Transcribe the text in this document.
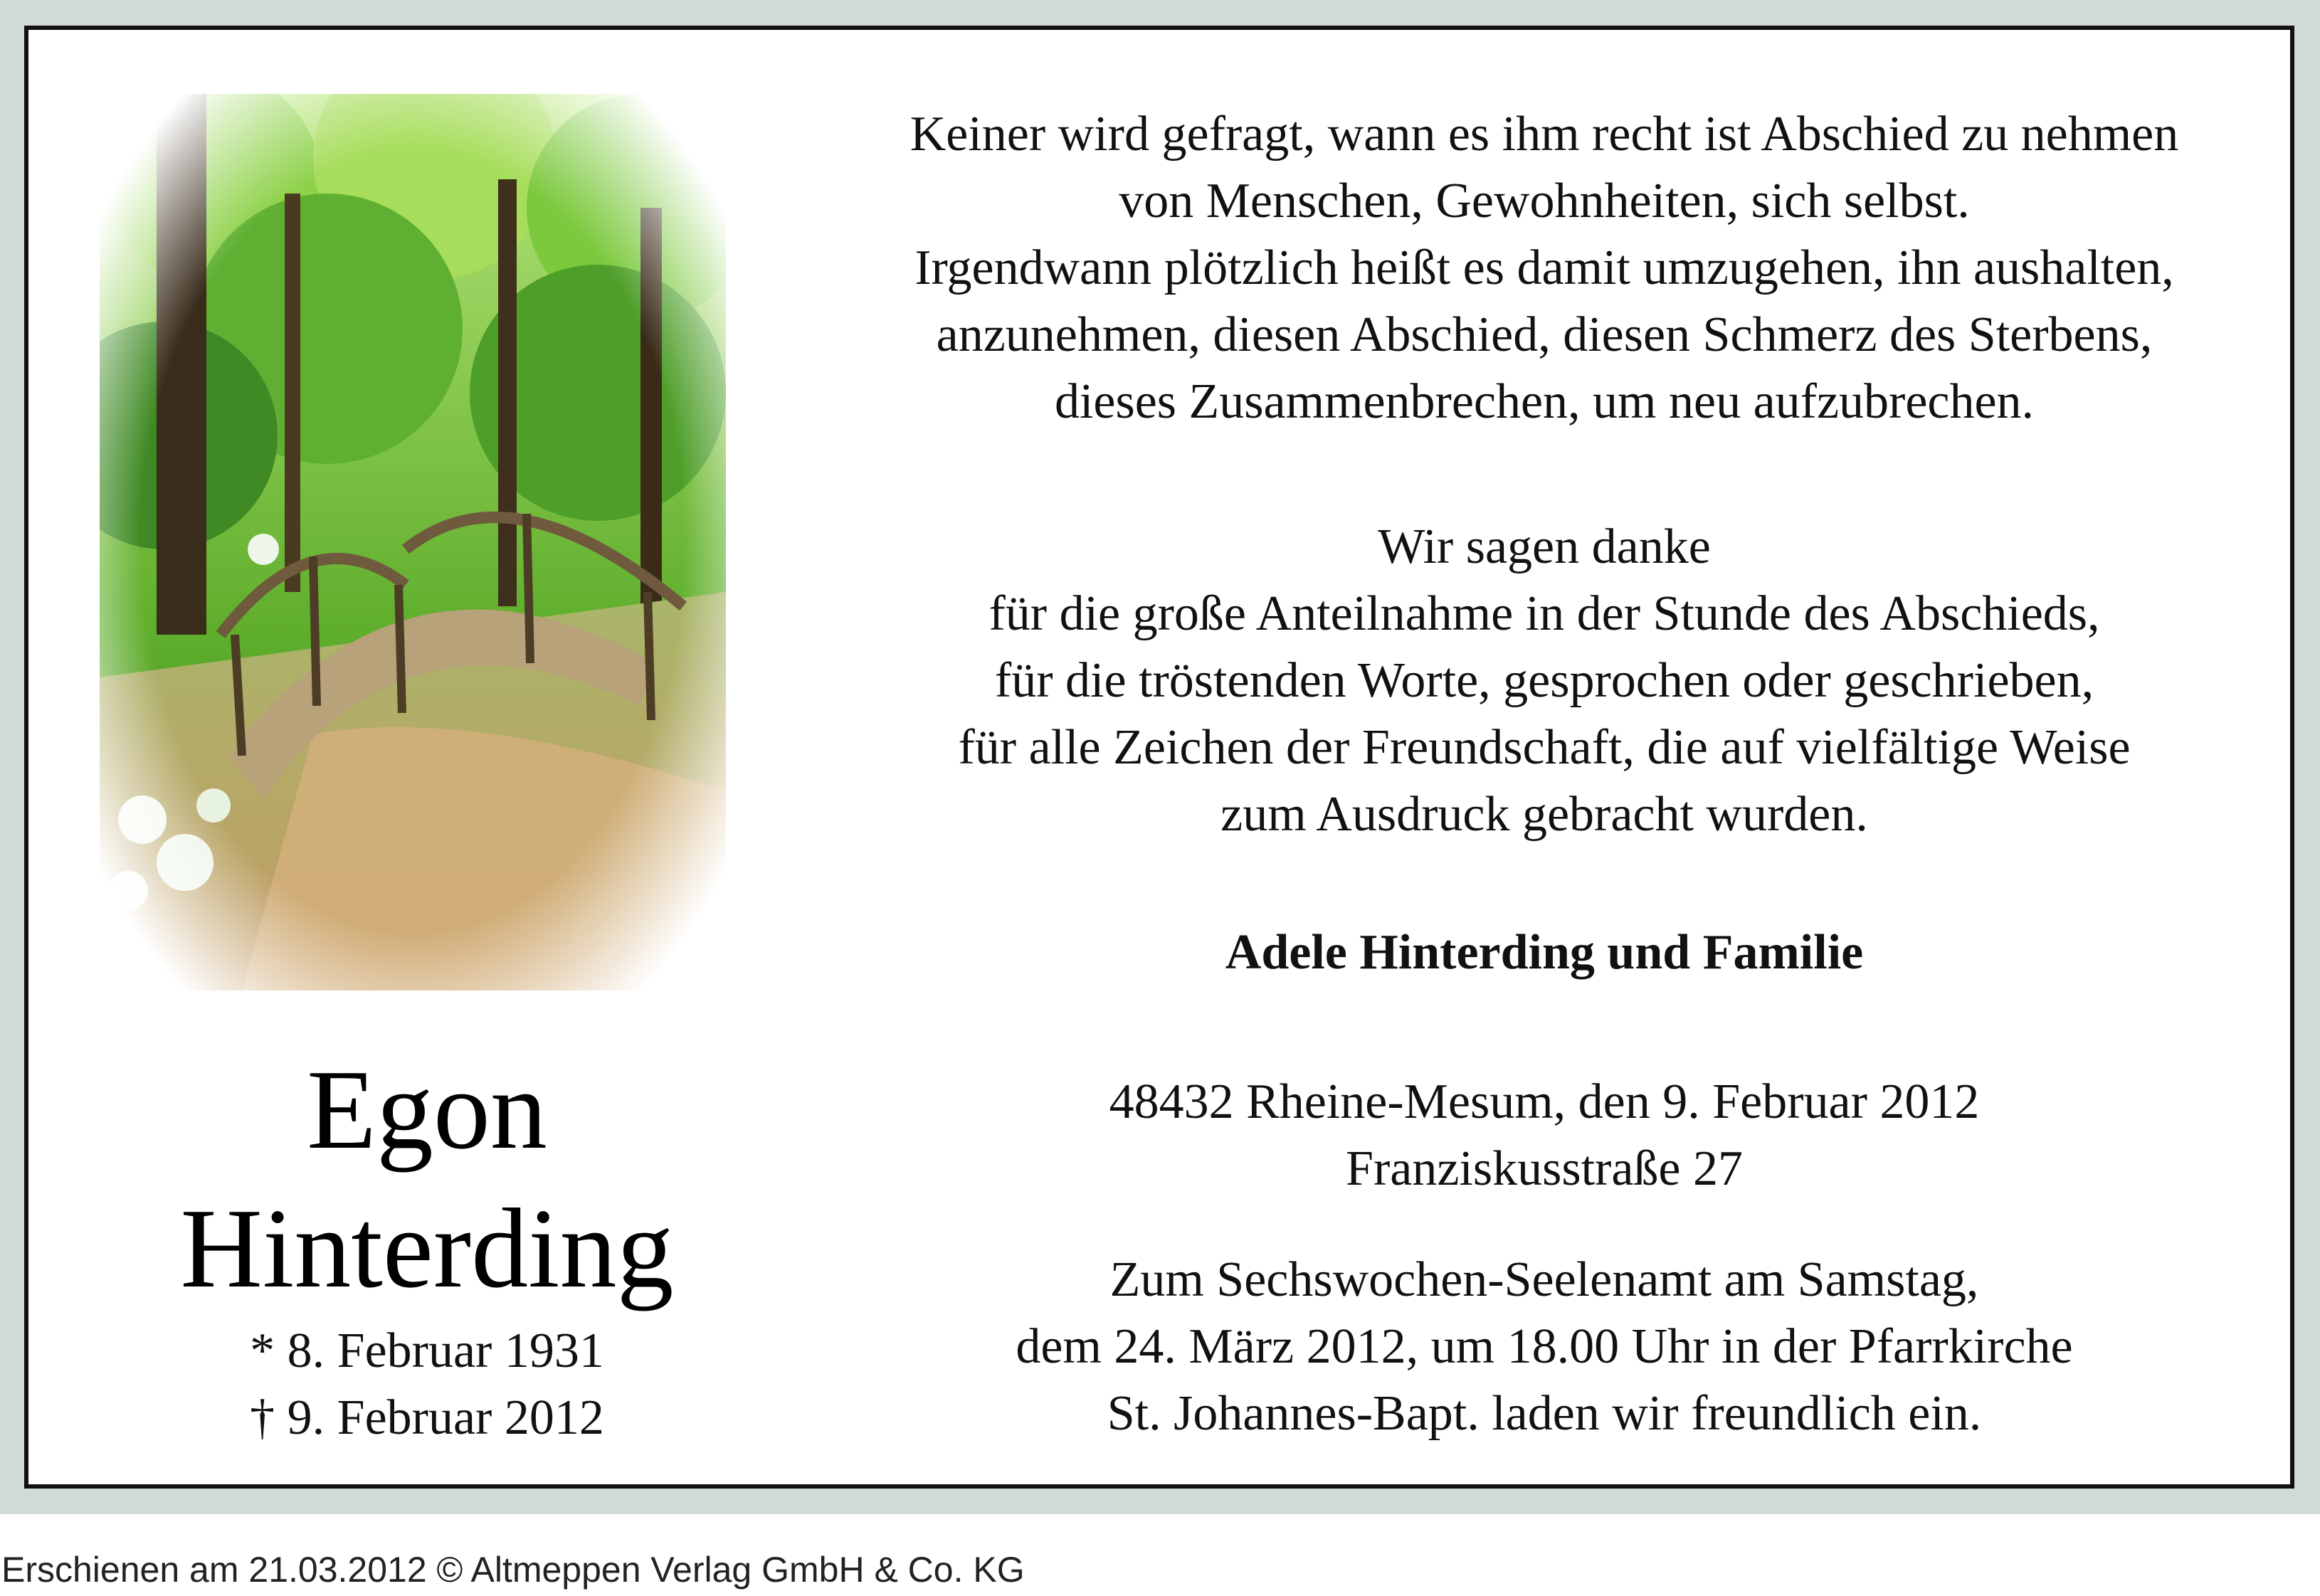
Egon
Hinterding
* 8. Februar 1931
† 9. Februar 2012
Keiner wird gefragt, wann es ihm recht ist Abschied zu nehmen
von Menschen, Gewohnheiten, sich selbst.
Irgendwann plötzlich heißt es damit umzugehen, ihn aushalten,
anzunehmen, diesen Abschied, diesen Schmerz des Sterbens,
dieses Zusammenbrechen, um neu aufzubrechen.
Wir sagen danke
für die große Anteilnahme in der Stunde des Abschieds,
für die tröstenden Worte, gesprochen oder geschrieben,
für alle Zeichen der Freundschaft, die auf vielfältige Weise
zum Ausdruck gebracht wurden.
Adele Hinterding und Familie
48432 Rheine-Mesum, den 9. Februar 2012
Franziskusstraße 27
Zum Sechswochen-Seelenamt am Samstag,
dem 24. März 2012, um 18.00 Uhr in der Pfarrkirche
St. Johannes-Bapt. laden wir freundlich ein.
Erschienen am 21.03.2012 © Altmeppen Verlag GmbH & Co. KG
